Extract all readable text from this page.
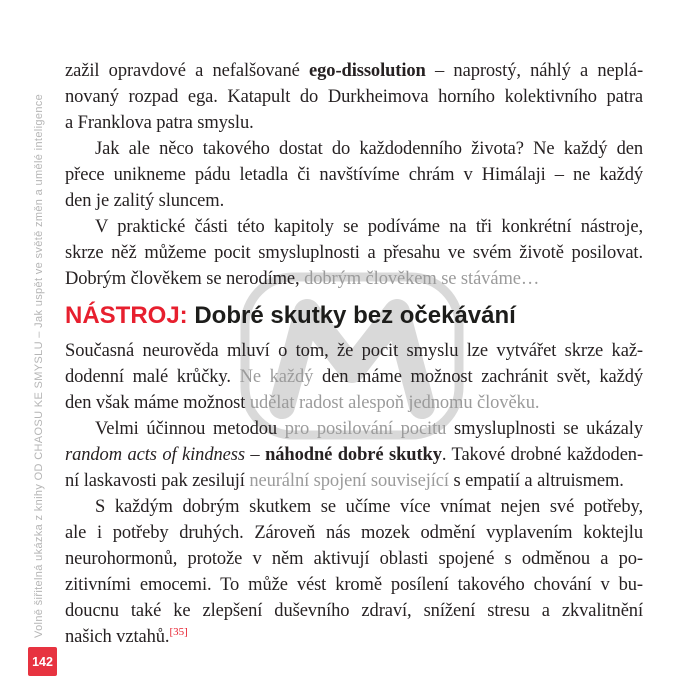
Volně šiřitelná ukázka z knihy OD CHAOSU KE SMYSLU – Jak uspět ve světě změn a umělé inteligence
zažil opravdové a nefalšované ego-dissolution – naprostý, náhlý a neplá-
novaný rozpad ega. Katapult do Durkheimova horního kolektivního patra
a Franklova patra smyslu.
Jak ale něco takového dostat do každodenního života? Ne každý den
přece unikneme pádu letadla či navštívíme chrám v Himálaji – ne každý
den je zalitý sluncem.
V praktické části této kapitoly se podíváme na tři konkrétní nástroje,
skrze něž můžeme pocit smysluplnosti a přesahu ve svém životě posilovat.
Dobrým člověkem se nerodíme, dobrým člověkem se stáváme…
NÁSTROJ: Dobré skutky bez očekávání
Současná neurověda mluví o tom, že pocit smyslu lze vytvářet skrze kaž-
dodenní malé krůčky. Ne každý den máme možnost zachránit svět, každý
den však máme možnost udělat radost alespoň jednomu člověku.
Velmi účinnou metodou pro posilování pocitu smysluplnosti se ukázaly
random acts of kindness – náhodné dobré skutky. Takové drobné každoden-
ní laskavosti pak zesilují neurální spojení související s empatií a altruismem.
S každým dobrým skutkem se učíme více vnímat nejen své potřeby,
ale i potřeby druhých. Zároveň nás mozek odmění vyplavením koktejlu
neurohormonů, protože v něm aktivují oblasti spojené s odměnou a po-
zitivními emocemi. To může vést kromě posílení takového chování v bu-
doucnu také ke zlepšení duševního zdraví, snížení stresu a zkvalitnění
našich vztahů.[35]
142
